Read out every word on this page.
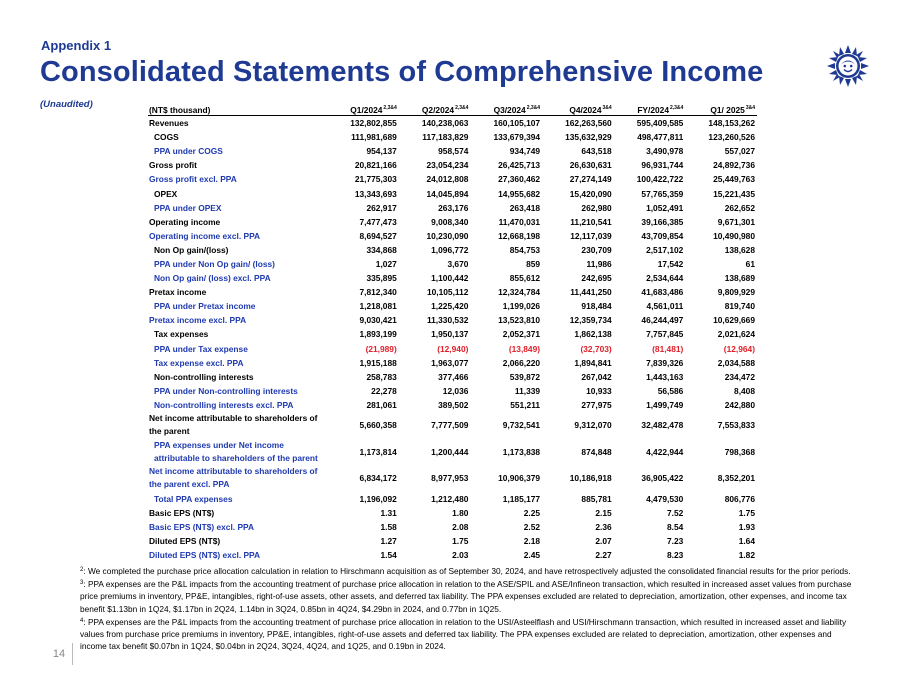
Appendix 1
Consolidated Statements of Comprehensive Income
(Unaudited)	(NT$ thousand)	$Q1/2024^{2,3\&4}$	$Q2/2024^{2,3\&4}$	$Q3/2024^{2,3\&4}$	$Q4/2024^{3\&4}$	$FY/2024^{2,3\&4}$	Q1/ $2025^{3\&4}$
Revenues	132,802,855	140,238,063	160,105,107	162,263,560	595,409,585	148,153,262
COGS	111,981,689	117,183,829	133,679,394	135,632,929	498,477,811	123,260,526
PPA under COGS	954,137	958,574	934,749	643,518	3,490,978	557,027
Gross profit	20,821,166	23,054,234	26,425,713	26,630,631	96,931,744	24,892,736
Gross profit excl. PPA	21,775,303	24,012,808	27,360,462	27,274,149	100,422,722	25,449,763
OPEX	13,343,693	14,045,894	14,955,682	15,420,090	57,765,359	15,221,435
PPA under OPEX	262,917	263,176	263,418	262,980	1,052,491	262,652
Operating income	7,477,473	9,008,340	11,470,031	11,210,541	39,166,385	9,671,301
Operating income excl. PPA	8,694,527	10,230,090	12,668,198	12,117,039	43,709,854	10,490,980
Non Op gain/(loss)	334,868	1,096,772	854,753	230,709	2,517,102	138,628
PPA under Non Op gain/ (loss)	1,027	3,670	859	11,986	17,542	61
Non Op gain/ (loss) excl. PPA	335,895	1,100,442	855,612	242,695	2,534,644	138,689
Pretax income	7,812,340	10,105,112	12,324,784	11,441,250	41,683,486	9,809,929
PPA under Pretax income	1,218,081	1,225,420	1,199,026	918,484	4,561,011	819,740
Pretax income excl. PPA	9,030,421	11,330,532	13,523,810	12,359,734	46,244,497	10,629,669
Tax expenses	1,893,199	1,950,137	2,052,371	1,862,138	7,757,845	2,021,624
PPA under Tax expense	(21,989)	(12,940)	(13,849)	(32,703)	(81,481)	(12,964)
Tax expense excl. PPA	1,915,188	1,963,077	2,066,220	1,894,841	7,839,326	2,034,588
Non-controlling interests	258,783	377,466	539,872	267,042	1,443,163	234,472
PPA under Non-controlling interests	22,278	12,036	11,339	10,933	56,586	8,408
Non-controlling interests excl. PPA	281,061	389,502	551,211	277,975	1,499,749	242,880
Net income attributable to shareholders of the parent	5,660,358	7,777,509	9,732,541	9,312,070	32,482,478	7,553,833
PPA expenses under Net income attributable to shareholders of the parent	1,173,814	1,200,444	1,173,838	874,848	4,422,944	798,368
Net income attributable to shareholders of the parent excl. PPA	6,834,172	8,977,953	10,906,379	10,186,918	36,905,422	8,352,201
Total PPA expenses	1,196,092	1,212,480	1,185,177	885,781	4,479,530	806,776
Basic EPS (NT$)	1.31	1.80	2.25	2.15	7.52	1.75
Basic EPS (NT$) excl. PPA	1.58	2.08	2.52	2.36	8.54	1.93
Diluted EPS (NT$)	1.27	1.75	2.18	2.07	7.23	1.64
Diluted EPS (NT$) excl. PPA	1.54	2.03	2.45	2.27	8.23	1.82

$^2$: We completed the purchase price allocation calculation in relation to Hirschmann acquisition as of September 30, 2024, and have retrospectively adjusted the consolidated financial results for the prior periods.

$^3$: PPA expenses are the P&L impacts from the accounting treatment of purchase price allocation in relation to the ASE/SPIL and ASE/Infineon transaction, which resulted in increased asset values from purchase price premiums in inventory, PP&E, intangibles, right-of-use assets, other assets, and deferred tax liability. The PPA expenses excluded are related to depreciation, amortization, other expenses, and income tax benefit $1.13bn in 1Q24, $1.17bn in 2Q24, 1.14bn in 3Q24, 0.85bn in 4Q24, $4.29bn in 2024, and 0.77bn in 1Q25.

$^4$: PPA expenses are the P&L impacts from the accounting treatment of purchase price allocation in relation to the USI/Asteelflash and USI/Hirschmann transaction, which resulted in increased asset and liability values from purchase price premiums in inventory, PP&E, intangibles, right-of-use assets and deferred tax liability. The PPA expenses excluded are related to depreciation, amortization, other expenses and income tax benefit $0.07bn in 1Q24, $0.04bn in 2Q24, 3Q24, 4Q24, and 1Q25, and 0.19bn in 2024.

14
